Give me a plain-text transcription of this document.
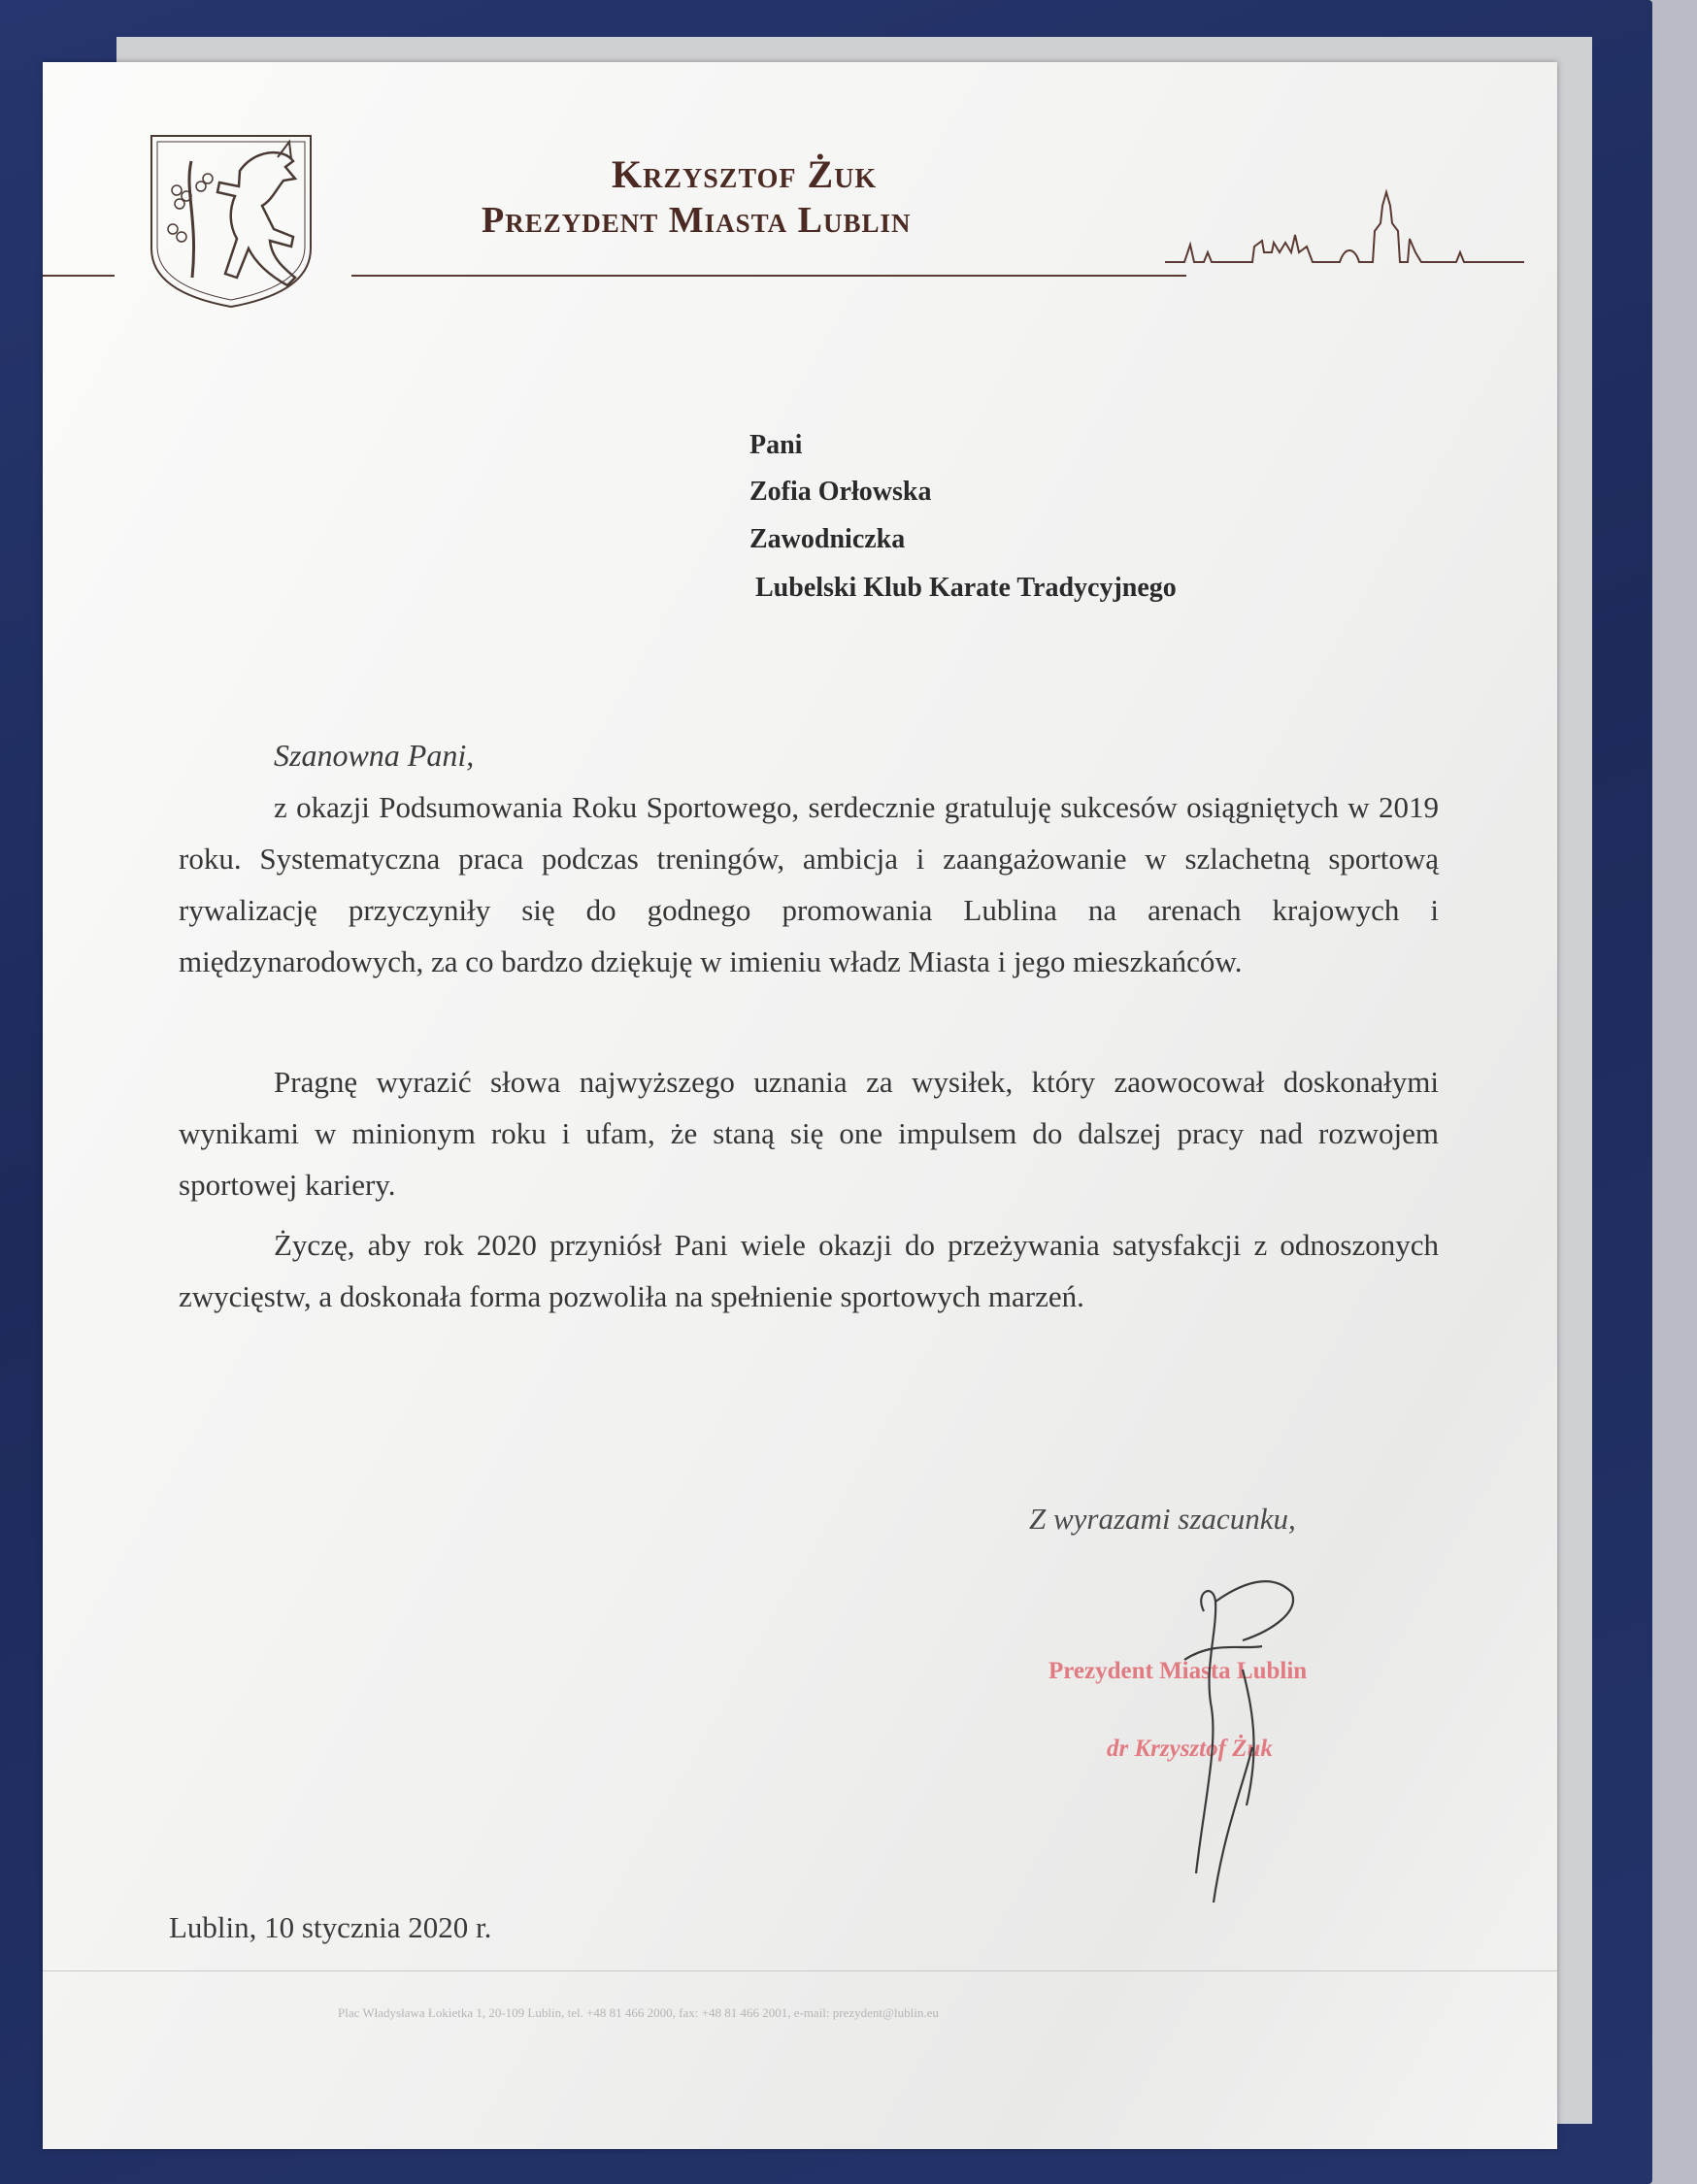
Krzysztof Żuk
Prezydent Miasta Lublin
Pani
Zofia Orłowska
Zawodniczka
Lubelski Klub Karate Tradycyjnego
Szanowna Pani,

z okazji Podsumowania Roku Sportowego, serdecznie gratuluję sukcesów osiągniętych w 2019 roku. Systematyczna praca podczas treningów, ambicja i zaangażowanie w szlachetną sportową rywalizację przyczyniły się do godnego promowania Lublina na arenach krajowych i międzynarodowych, za co bardzo dziękuję w imieniu władz Miasta i jego mieszkańców.

Pragnę wyrazić słowa najwyższego uznania za wysiłek, który zaowocował doskonałymi wynikami w minionym roku i ufam, że staną się one impulsem do dalszej pracy nad rozwojem sportowej kariery.

Życzę, aby rok 2020 przyniósł Pani wiele okazji do przeżywania satysfakcji z odnoszonych zwycięstw, a doskonała forma pozwoliła na spełnienie sportowych marzeń.

Z wyrazami szacunku,
Prezydent Miasta Lublin
dr Krzysztof Żuk
Lublin, 10 stycznia 2020 r.
Plac Władysława Łokietka 1, 20-109 Lublin, tel. +48 81 466 2000, fax: +48 81 466 2001, e-mail: prezydent@lublin.eu
